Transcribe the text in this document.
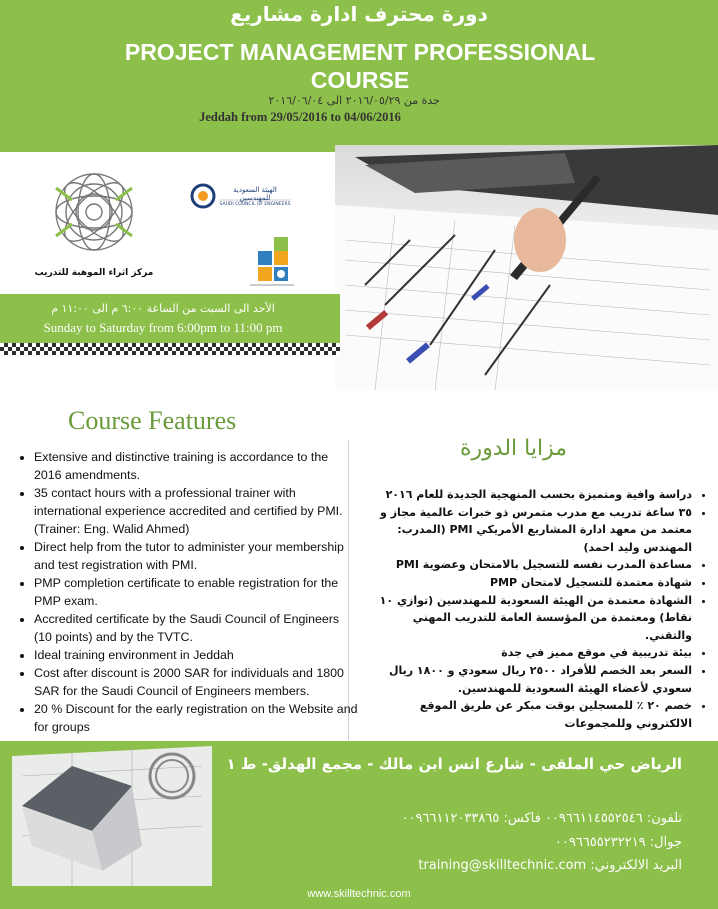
دورة محترف ادارة مشاريع
PROJECT MANAGEMENT PROFESSIONAL
COURSE
جدة من ٢٠١٦/٠٥/٢٩ الى ٢٠١٦/٠٦/٠٤
Jeddah from 29/05/2016 to 04/06/2016
مركز اثراء الموهبة للتدريب
الهيئة السعودية للمهندسين
SAUDI COUNCIL OF ENGINEERS
الأحد الى السبت من الساعة ٦:٠٠ م الى ١١:٠٠ م
Sunday to Saturday from 6:00pm to 11:00 pm
Course Features
مزايا الدورة
• Extensive and distinctive training is accordance to the 2016 amendments.
• 35 contact hours with a professional trainer with international experience accredited and certified by PMI. (Trainer: Eng. Walid Ahmed)
• Direct help from the tutor to administer your membership and test registration with PMI.
• PMP completion certificate to enable registration for the PMP exam.
• Accredited certificate by the Saudi Council of Engineers (10 points) and by the TVTC.
• Ideal training environment in Jeddah
• Cost after discount is 2000 SAR for individuals and 1800 SAR for the Saudi Council of Engineers members.
• 20 % Discount for the early registration on the Website and for groups
• دراسة وافية ومتميزة بحسب المنهجية الجديدة للعام ٢٠١٦
• ٣٥ ساعة تدريب مع مدرب متمرس ذو خبرات عالمية مجاز و معتمد من معهد ادارة المشاريع الأمريكي PMI (المدرب: المهندس وليد احمد)
• مساعدة المدرب نفسه للتسجيل بالامتحان وعضوية PMI
• شهادة معتمدة للتسجيل لامتحان PMP
• الشهادة معتمدة من الهيئة السعودية للمهندسين (توازي ١٠ نقاط) ومعتمدة من المؤسسة العامة للتدريب المهني والتقني.
• بيئة تدريبية في موقع مميز في جدة
• السعر بعد الخصم للأفراد ٢٥٠٠ ريال سعودي و ١٨٠٠ ريال سعودي لأعضاء الهيئة السعودية للمهندسين.
• خصم ٢٠ ٪ للمسجلين بوقت مبكر عن طريق الموقع الالكتروني وللمجموعات
الرياض حي الملقى - شارع انس ابن مالك - مجمع الهدلق- ط ١
تلفون: ٠٠٩٦٦١١٤٥٥٢٥٤٦ فاكس: ٠٠٩٦٦١١٢٠٣٣٨٦٥
جوال: ٠٠٩٦٦٥٥٢٣٢٢١٩
البريد الالكتروني: training@skilltechnic.com
www.skilltechnic.com
